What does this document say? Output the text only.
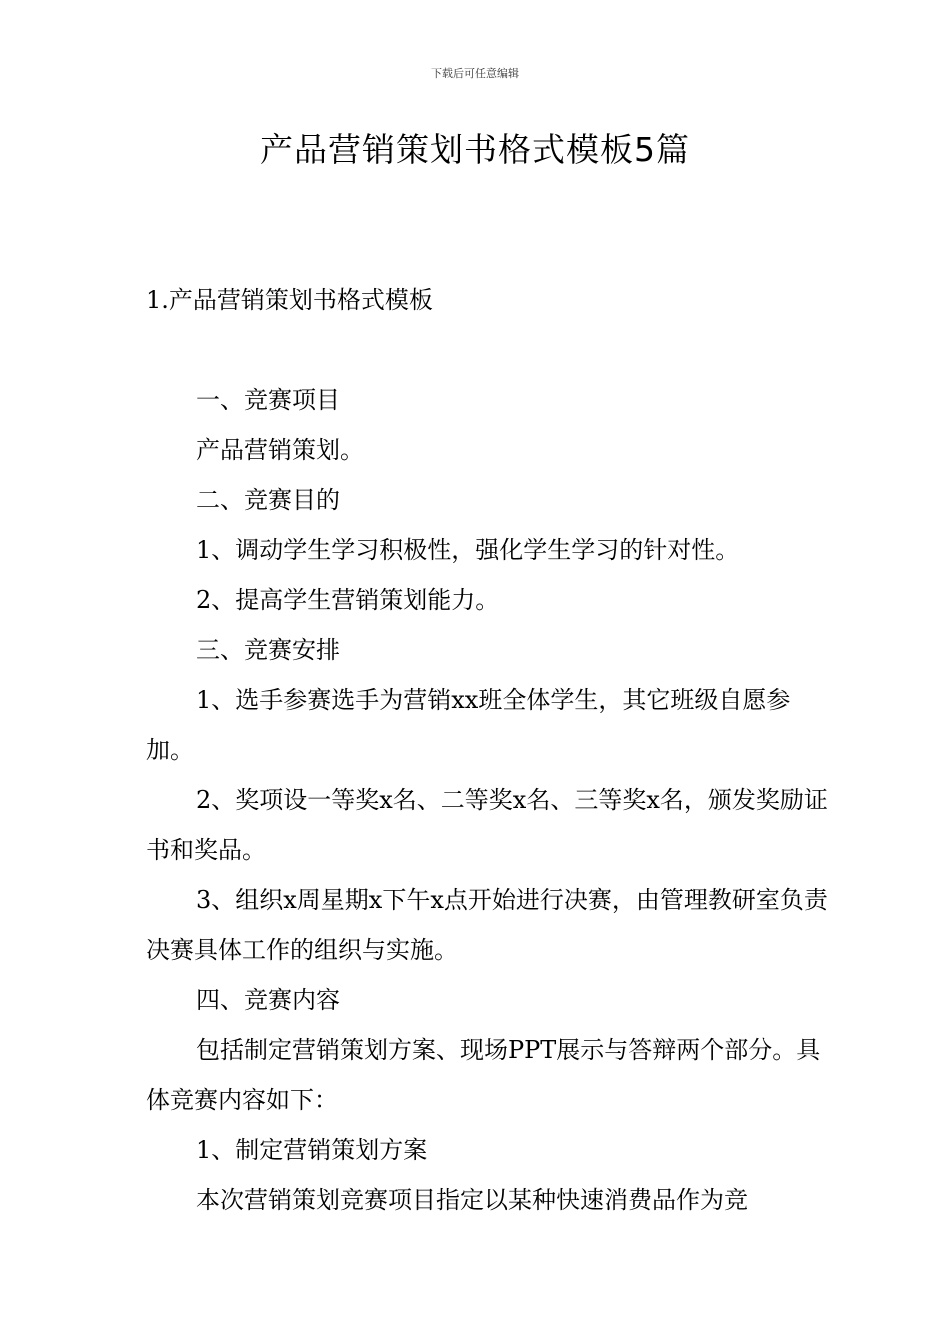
下载后可任意编辑
产品营销策划书格式模板5篇
1.产品营销策划书格式模板

一、竞赛项目

产品营销策划。

二、竞赛目的

1、调动学生学习积极性，强化学生学习的针对性。

2、提高学生营销策划能力。

三、竞赛安排

1、选手参赛选手为营销xx班全体学生，其它班级自愿参加。

2、奖项设一等奖x名、二等奖x名、三等奖x名，颁发奖励证书和奖品。

3、组织x周星期x下午x点开始进行决赛，由管理教研室负责决赛具体工作的组织与实施。

四、竞赛内容

包括制定营销策划方案、现场PPT展示与答辩两个部分。具体竞赛内容如下：

1、制定营销策划方案

本次营销策划竞赛项目指定以某种快速消费品作为竞
